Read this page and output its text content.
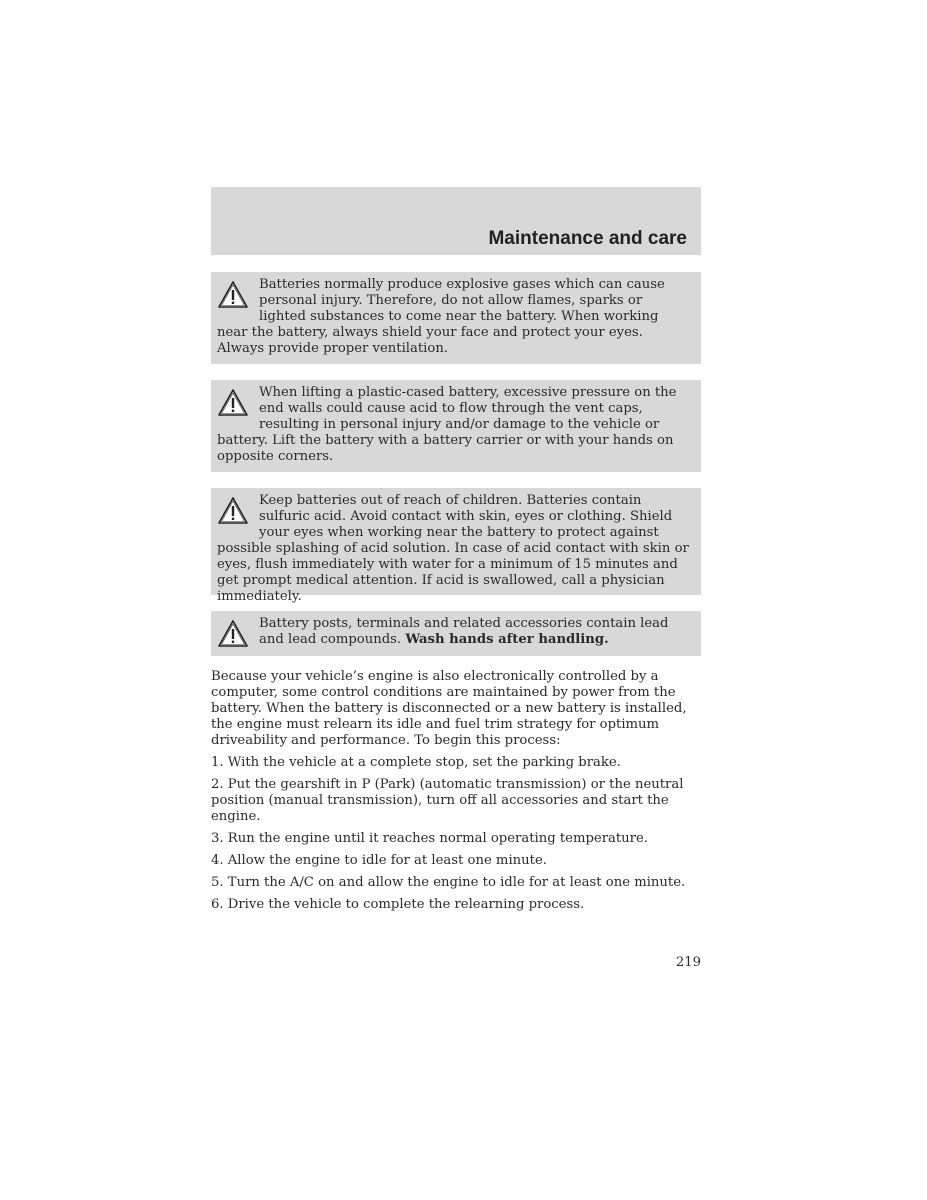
Maintenance and care
Batteries normally produce explosive gases which can cause personal injury. Therefore, do not allow flames, sparks or lighted substances to come near the battery. When working near the battery, always shield your face and protect your eyes. Always provide proper ventilation.
When lifting a plastic-cased battery, excessive pressure on the end walls could cause acid to flow through the vent caps, resulting in personal injury and/or damage to the vehicle or battery. Lift the battery with a battery carrier or with your hands on opposite corners.
Keep batteries out of reach of children. Batteries contain sulfuric acid. Avoid contact with skin, eyes or clothing. Shield your eyes when working near the battery to protect against possible splashing of acid solution. In case of acid contact with skin or eyes, flush immediately with water for a minimum of 15 minutes and get prompt medical attention. If acid is swallowed, call a physician immediately.
Battery posts, terminals and related accessories contain lead and lead compounds. Wash hands after handling.
Because your vehicle’s engine is also electronically controlled by a computer, some control conditions are maintained by power from the battery. When the battery is disconnected or a new battery is installed, the engine must relearn its idle and fuel trim strategy for optimum driveability and performance. To begin this process:
1. With the vehicle at a complete stop, set the parking brake.
2. Put the gearshift in P (Park) (automatic transmission) or the neutral position (manual transmission), turn off all accessories and start the engine.
3. Run the engine until it reaches normal operating temperature.
4. Allow the engine to idle for at least one minute.
5. Turn the A/C on and allow the engine to idle for at least one minute.
6. Drive the vehicle to complete the relearning process.
219
